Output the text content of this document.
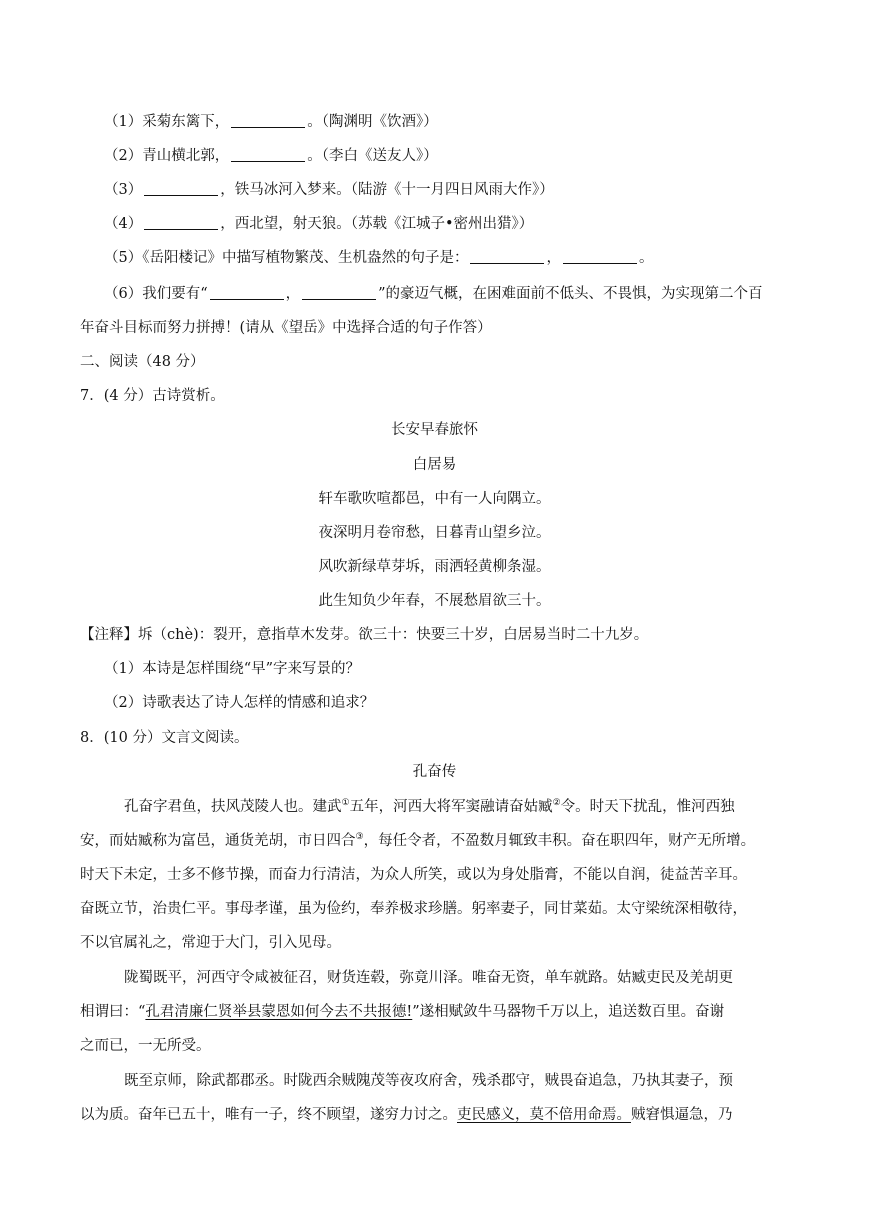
（1）采菊东篱下，	。（陶渊明《饮酒》）
（2）青山横北郭，	。（李白《送友人》）
（3）	，铁马冰河入梦来。（陆游《十一月四日风雨大作》）
（4）	，西北望，射天狼。（苏载《江城子•密州出猎》）
（5）《岳阳楼记》中描写植物繁茂、生机盎然的句子是：	，	。
（6）我们要有“	，	”的豪迈气概，在困难面前不低头、不畏惧，为实现第二个百
年奋斗目标而努力拼搏！(请从《望岳》中选择合适的句子作答）
二、阅读（48 分）
7．(4 分）古诗赏析。
长安早春旅怀
白居易
轩车歌吹喧都邑，中有一人向隅立。
夜深明月卷帘愁，日暮青山望乡泣。
风吹新绿草芽坼，雨洒轻黄柳条湿。
此生知负少年春，不展愁眉欲三十。
【注释】坼（chè)：裂开，意指草木发芽。欲三十：快要三十岁，白居易当时二十九岁。
（1）本诗是怎样围绕“早”字来写景的？
（2）诗歌表达了诗人怎样的情感和追求？
8．(10 分）文言文阅读。
孔奋传
孔奋字君鱼，扶风茂陵人也。建武①五年，河西大将军窦融请奋姑臧②令。时天下扰乱，惟河西独
安，而姑臧称为富邑，通货羌胡，市日四合③，每任令者，不盈数月辄致丰积。奋在职四年，财产无所增。
时天下未定，士多不修节操，而奋力行清洁，为众人所笑，或以为身处脂膏，不能以自润，徒益苦辛耳。
奋既立节，治贵仁平。事母孝谨，虽为俭约，奉养极求珍膳。躬率妻子，同甘菜茹。太守梁统深相敬待，
不以官属礼之，常迎于大门，引入见母。
陇蜀既平，河西守令咸被征召，财货连毂，弥竟川泽。唯奋无资，单车就路。姑臧吏民及羌胡更
相谓曰：“孔君清廉仁贤举县蒙恩如何今去不共报德!”遂相赋敛牛马器物千万以上，追送数百里。奋谢
之而已，一无所受。
既至京师，除武都郡丞。时陇西余贼隗茂等夜攻府舍，残杀郡守，贼畏奋追急，乃执其妻子，预
以为质。奋年已五十，唯有一子，终不顾望，遂穷力讨之。吏民感义，莫不倍用命焉。贼窘惧逼急，乃
